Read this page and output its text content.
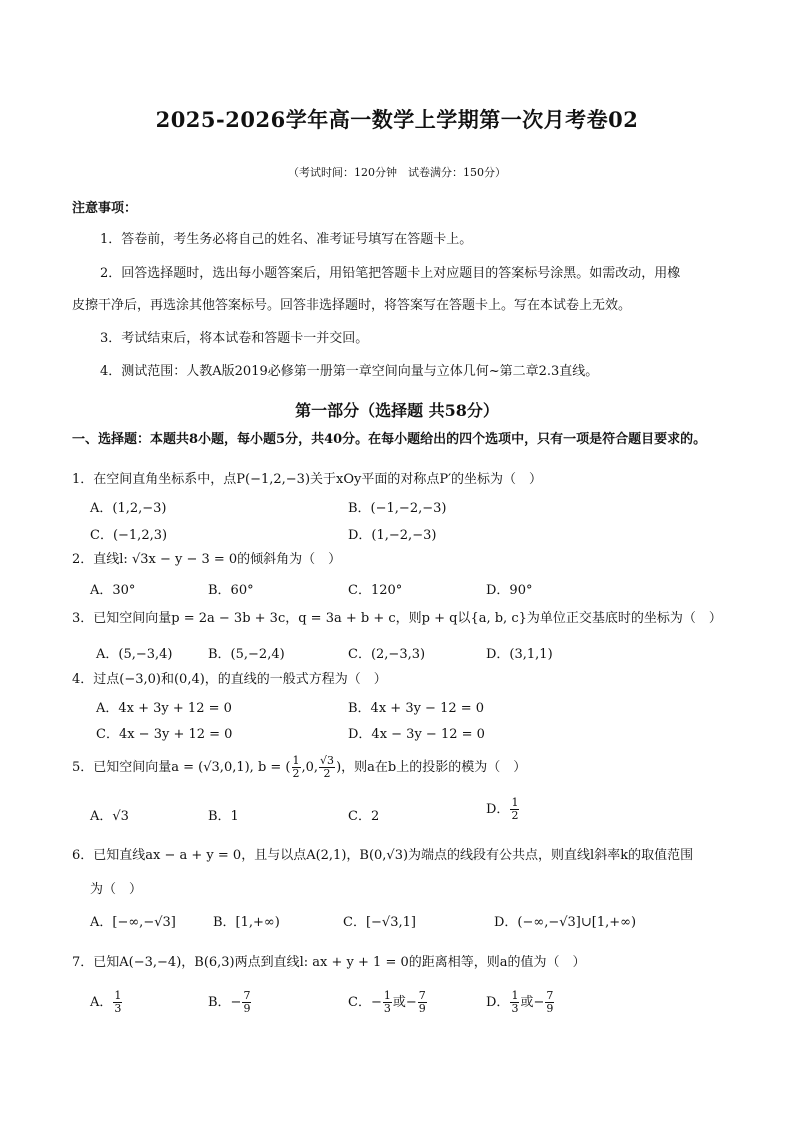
2025-2026学年高一数学上学期第一次月考卷02
（考试时间：120分钟　试卷满分：150分）
注意事项：
1．答卷前，考生务必将自己的姓名、准考证号填写在答题卡上。
2．回答选择题时，选出每小题答案后，用铅笔把答题卡上对应题目的答案标号涂黑。如需改动，用橡
皮擦干净后，再选涂其他答案标号。回答非选择题时，将答案写在答题卡上。写在本试卷上无效。
3．考试结束后，将本试卷和答题卡一并交回。
4．测试范围：人教A版2019必修第一册第一章空间向量与立体几何~第二章2.3直线。
第一部分（选择题 共58分）
一、选择题：本题共8小题，每小题5分，共40分。在每小题给出的四个选项中，只有一项是符合题目要求的。
1．在空间直角坐标系中，点P(−1,2,−3)关于xOy平面的对称点P′的坐标为（　）
A．(1,2,−3)	B．(−1,−2,−3)
C．(−1,2,3)	D．(1,−2,−3)
2．直线l: √3x − y − 3 = 0的倾斜角为（　）
A．30°	B．60°	C．120°	D．90°
3．已知空间向量p = 2a − 3b + 3c，q = 3a + b + c，则p + q以{a, b, c}为单位正交基底时的坐标为（　）
A．(5,−3,4)	B．(5,−2,4)	C．(2,−3,3)	D．(3,1,1)
4．过点(−3,0)和(0,4)，的直线的一般式方程为（　）
A．4x + 3y + 12 = 0	B．4x + 3y − 12 = 0
C．4x − 3y + 12 = 0	D．4x − 3y − 12 = 0
5．已知空间向量a = (√3,0,1), b = ( $\frac{1}{2} ,0$, $\frac{√3}{2}$ )，则a在b上的投影的模为（　）
A．√3	B．1	C．2	D． $\frac{1}{2}$
6．已知直线ax − a + y = 0，且与以点A(2,1)，B(0,√3)为端点的线段有公共点，则直线l斜率k的取值范围
为（　）
A．[−∞,−√3]	B．[1,+∞)	C．[−√3,1]	D．(−∞,−√3]∪[1,+∞)
7．已知A(−3,−4)，B(6,3)两点到直线l: ax + y + 1 = 0的距离相等，则a的值为（　）
A． $\frac{1}{3}$	B．− $\frac{7}{9}$	C．− $\frac{1}{3}$ 或− $\frac{7}{9}$	D． $\frac{1}{3}$ 或− $\frac{7}{9}$
